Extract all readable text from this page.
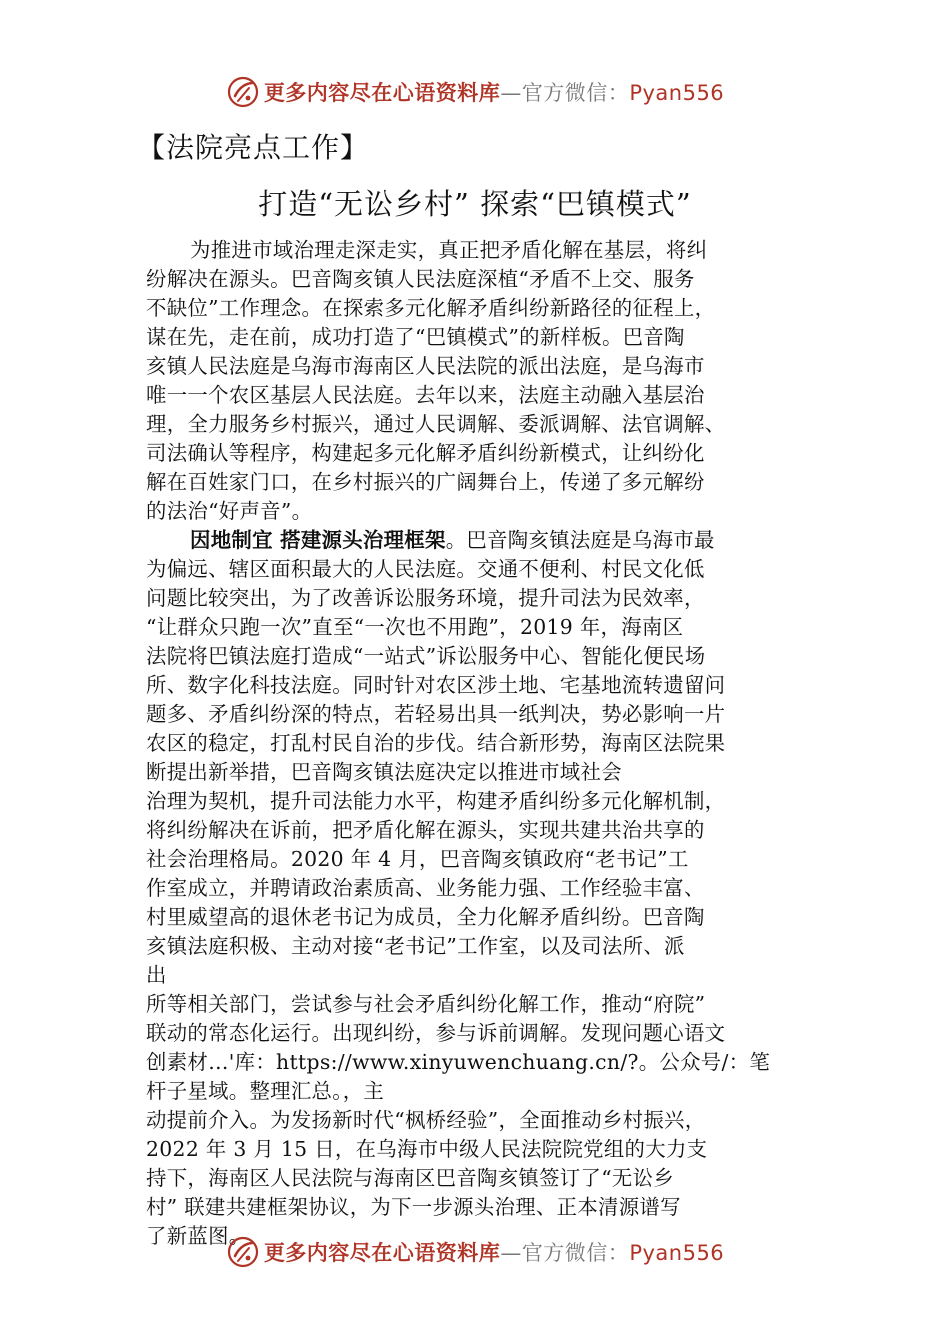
更多内容尽在心语资料库—官方微信：Pyan556
【法院亮点工作】
打造“无讼乡村” 探索“巴镇模式”
为推进市域治理走深走实，真正把矛盾化解在基层，将纠
纷解决在源头。巴音陶亥镇人民法庭深植“矛盾不上交、服务
不缺位”工作理念。在探索多元化解矛盾纠纷新路径的征程上，
谋在先，走在前，成功打造了“巴镇模式”的新样板。巴音陶
亥镇人民法庭是乌海市海南区人民法院的派出法庭，是乌海市
唯一一个农区基层人民法庭。去年以来，法庭主动融入基层治
理，全力服务乡村振兴，通过人民调解、委派调解、法官调解、
司法确认等程序，构建起多元化解矛盾纠纷新模式，让纠纷化
解在百姓家门口，在乡村振兴的广阔舞台上，传递了多元解纷
的法治“好声音”。
因地制宜 搭建源头治理框架。巴音陶亥镇法庭是乌海市最
为偏远、辖区面积最大的人民法庭。交通不便利、村民文化低
问题比较突出，为了改善诉讼服务环境，提升司法为民效率，
“让群众只跑一次”直至“一次也不用跑”，2019 年，海南区
法院将巴镇法庭打造成“一站式”诉讼服务中心、智能化便民场
所、数字化科技法庭。同时针对农区涉土地、宅基地流转遗留问
题多、矛盾纠纷深的特点，若轻易出具一纸判决，势必影响一片
农区的稳定，打乱村民自治的步伐。结合新形势，海南区法院果
断提出新举措，巴音陶亥镇法庭决定以推进市域社会
治理为契机，提升司法能力水平，构建矛盾纠纷多元化解机制，
将纠纷解决在诉前，把矛盾化解在源头，实现共建共治共享的
社会治理格局。2020 年 4 月，巴音陶亥镇政府“老书记”工
作室成立，并聘请政治素质高、业务能力强、工作经验丰富、
村里威望高的退休老书记为成员，全力化解矛盾纠纷。巴音陶
亥镇法庭积极、主动对接“老书记”工作室，以及司法所、派
出
所等相关部门，尝试参与社会矛盾纠纷化解工作，推动“府院”
联动的常态化运行。出现纠纷，参与诉前调解。发现问题心语文
创素材…'库：https://www.xinyuwenchuang.cn/?。公众号/：笔
杆子星域。整理汇总。，主
动提前介入。为发扬新时代“枫桥经验”，全面推动乡村振兴，
2022 年 3 月 15 日，在乌海市中级人民法院院党组的大力支
持下，海南区人民法院与海南区巴音陶亥镇签订了“无讼乡
村” 联建共建框架协议，为下一步源头治理、正本清源谱写
了新蓝图。
更多内容尽在心语资料库—官方微信：Pyan556
